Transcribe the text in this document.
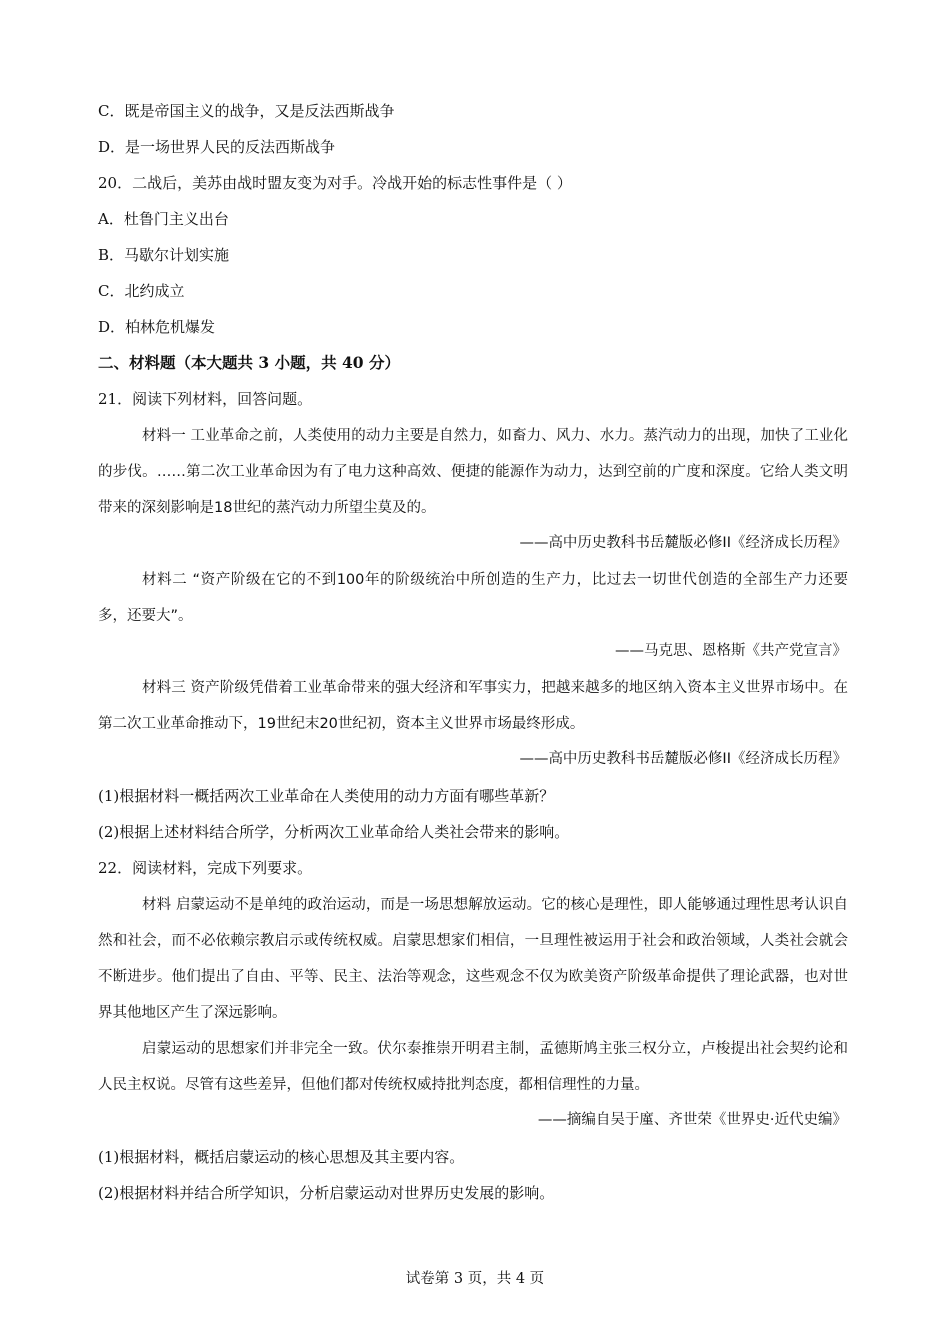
C．既是帝国主义的战争，又是反法西斯战争
D．是一场世界人民的反法西斯战争
20．二战后，美苏由战时盟友变为对手。冷战开始的标志性事件是（ ）
A．杜鲁门主义出台
B．马歇尔计划实施
C．北约成立
D．柏林危机爆发
二、材料题（本大题共 3 小题，共 40 分）
21．阅读下列材料，回答问题。
材料一 工业革命之前，人类使用的动力主要是自然力，如畜力、风力、水力。蒸汽动力的出现，加快了工业化的步伐。……第二次工业革命因为有了电力这种高效、便捷的能源作为动力，达到空前的广度和深度。它给人类文明带来的深刻影响是18世纪的蒸汽动力所望尘莫及的。
——高中历史教科书岳麓版必修II《经济成长历程》
材料二 “资产阶级在它的不到100年的阶级统治中所创造的生产力，比过去一切世代创造的全部生产力还要多，还要大”。
——马克思、恩格斯《共产党宣言》
材料三 资产阶级凭借着工业革命带来的强大经济和军事实力，把越来越多的地区纳入资本主义世界市场中。在第二次工业革命推动下，19世纪末20世纪初，资本主义世界市场最终形成。
——高中历史教科书岳麓版必修II《经济成长历程》
(1)根据材料一概括两次工业革命在人类使用的动力方面有哪些革新？
(2)根据上述材料结合所学，分析两次工业革命给人类社会带来的影响。
22．阅读材料，完成下列要求。
材料 启蒙运动不是单纯的政治运动，而是一场思想解放运动。它的核心是理性，即人能够通过理性思考认识自然和社会，而不必依赖宗教启示或传统权威。启蒙思想家们相信，一旦理性被运用于社会和政治领域，人类社会就会不断进步。他们提出了自由、平等、民主、法治等观念，这些观念不仅为欧美资产阶级革命提供了理论武器，也对世界其他地区产生了深远影响。
启蒙运动的思想家们并非完全一致。伏尔泰推崇开明君主制，孟德斯鸠主张三权分立，卢梭提出社会契约论和人民主权说。尽管有这些差异，但他们都对传统权威持批判态度，都相信理性的力量。
——摘编自吴于廑、齐世荣《世界史·近代史编》
(1)根据材料，概括启蒙运动的核心思想及其主要内容。
(2)根据材料并结合所学知识，分析启蒙运动对世界历史发展的影响。
试卷第 3 页，共 4 页
